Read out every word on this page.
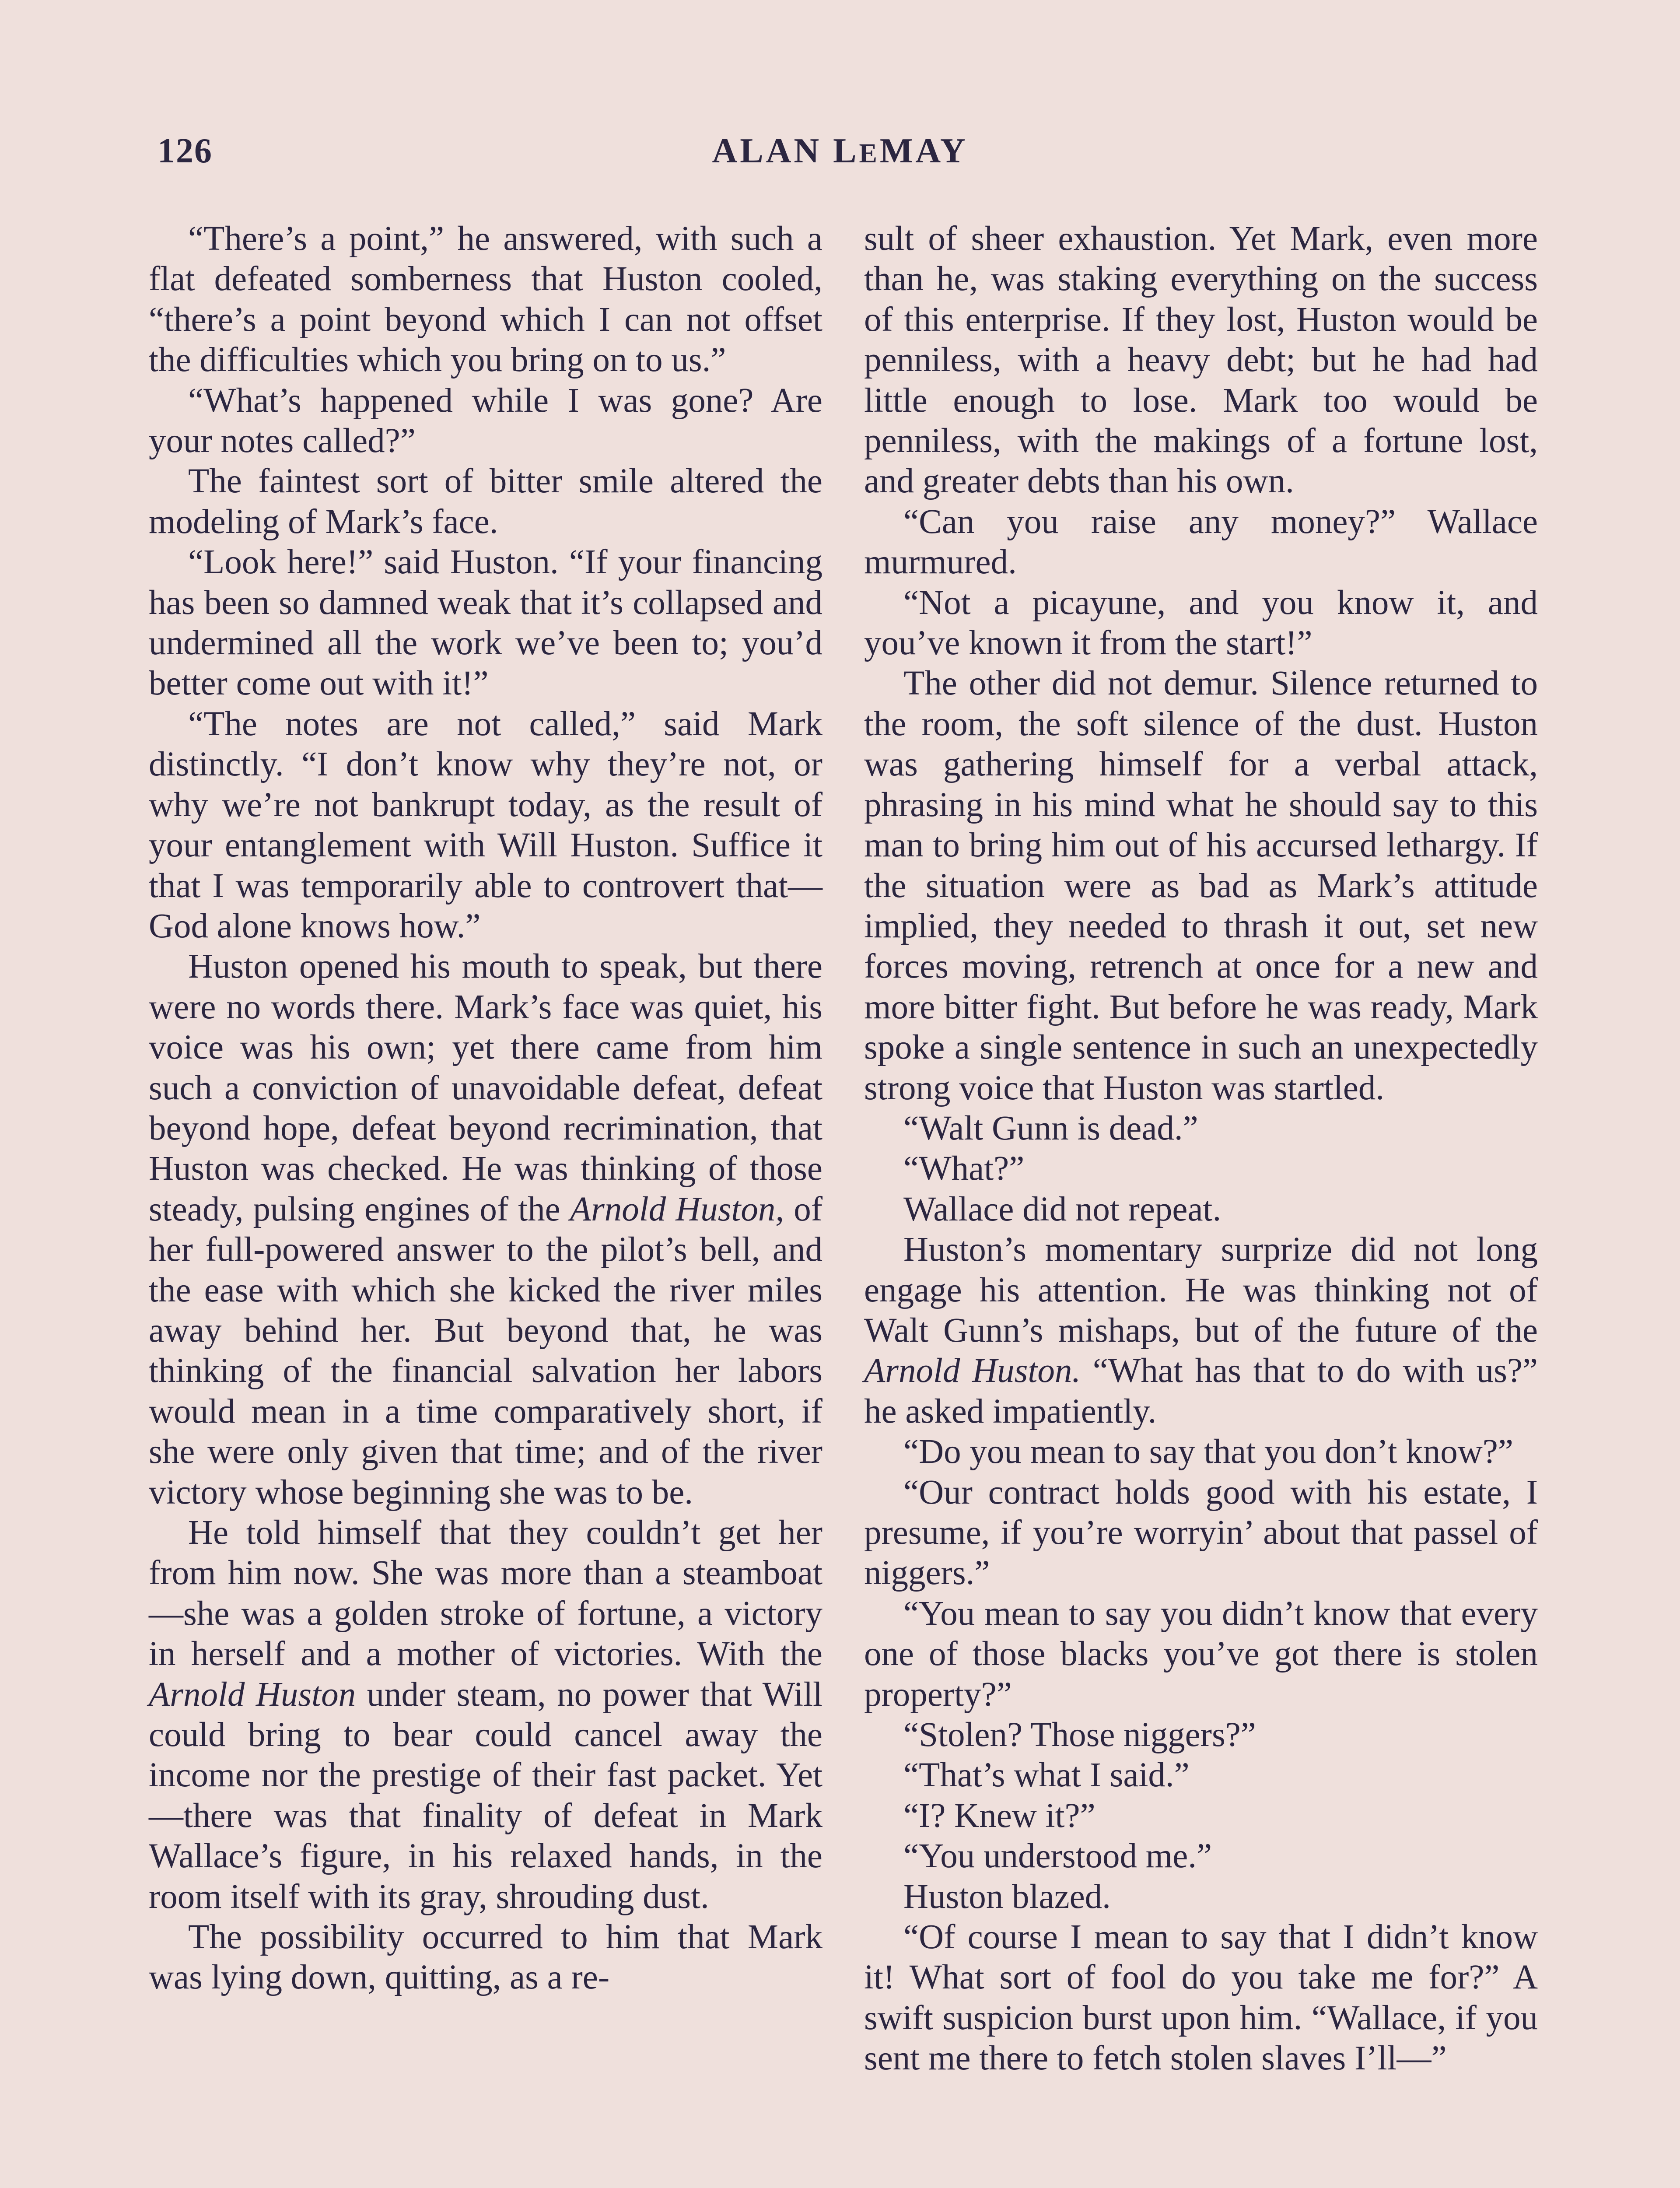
126	ALAN LEMAY

“There’s a point,” he answered, with such a flat defeated somberness that Huston cooled, “there’s a point beyond which I can not offset the difficulties which you bring on to us.”

“What’s happened while I was gone? Are your notes called?”

The faintest sort of bitter smile altered the modeling of Mark’s face.

“Look here!” said Huston. “If your financing has been so damned weak that it’s collapsed and undermined all the work we’ve been to; you’d better come out with it!”

“The notes are not called,” said Mark distinctly. “I don’t know why they’re not, or why we’re not bankrupt today, as the result of your entanglement with Will Huston. Suffice it that I was temporarily able to controvert that—God alone knows how.”

Huston opened his mouth to speak, but there were no words there. Mark’s face was quiet, his voice was his own; yet there came from him such a conviction of unavoidable defeat, defeat beyond hope, defeat beyond recrimination, that Huston was checked. He was thinking of those steady, pulsing engines of the Arnold Huston, of her full-powered answer to the pilot’s bell, and the ease with which she kicked the river miles away behind her. But beyond that, he was thinking of the financial salvation her labors would mean in a time comparatively short, if she were only given that time; and of the river victory whose beginning she was to be.

He told himself that they couldn’t get her from him now. She was more than a steamboat—she was a golden stroke of fortune, a victory in herself and a mother of victories. With the Arnold Huston under steam, no power that Will could bring to bear could cancel away the income nor the prestige of their fast packet. Yet—there was that finality of defeat in Mark Wallace’s figure, in his relaxed hands, in the room itself with its gray, shrouding dust.

The possibility occurred to him that Mark was lying down, quitting, as a re-

sult of sheer exhaustion. Yet Mark, even more than he, was staking everything on the success of this enterprise. If they lost, Huston would be penniless, with a heavy debt; but he had had little enough to lose. Mark too would be penniless, with the makings of a fortune lost, and greater debts than his own.

“Can you raise any money?” Wallace murmured.

“Not a picayune, and you know it, and you’ve known it from the start!”

The other did not demur. Silence returned to the room, the soft silence of the dust. Huston was gathering himself for a verbal attack, phrasing in his mind what he should say to this man to bring him out of his accursed lethargy. If the situation were as bad as Mark’s attitude implied, they needed to thrash it out, set new forces moving, retrench at once for a new and more bitter fight. But before he was ready, Mark spoke a single sentence in such an unexpectedly strong voice that Huston was startled.

“Walt Gunn is dead.”

“What?”

Wallace did not repeat.

Huston’s momentary surprize did not long engage his attention. He was thinking not of Walt Gunn’s mishaps, but of the future of the Arnold Huston. “What has that to do with us?” he asked impatiently.

“Do you mean to say that you don’t know?”

“Our contract holds good with his estate, I presume, if you’re worryin’ about that passel of niggers.”

“You mean to say you didn’t know that every one of those blacks you’ve got there is stolen property?”

“Stolen? Those niggers?”

“That’s what I said.”

“I? Knew it?”

“You understood me.”

Huston blazed.

“Of course I mean to say that I didn’t know it! What sort of fool do you take me for?” A swift suspicion burst upon him. “Wallace, if you sent me there to fetch stolen slaves I’ll—”
